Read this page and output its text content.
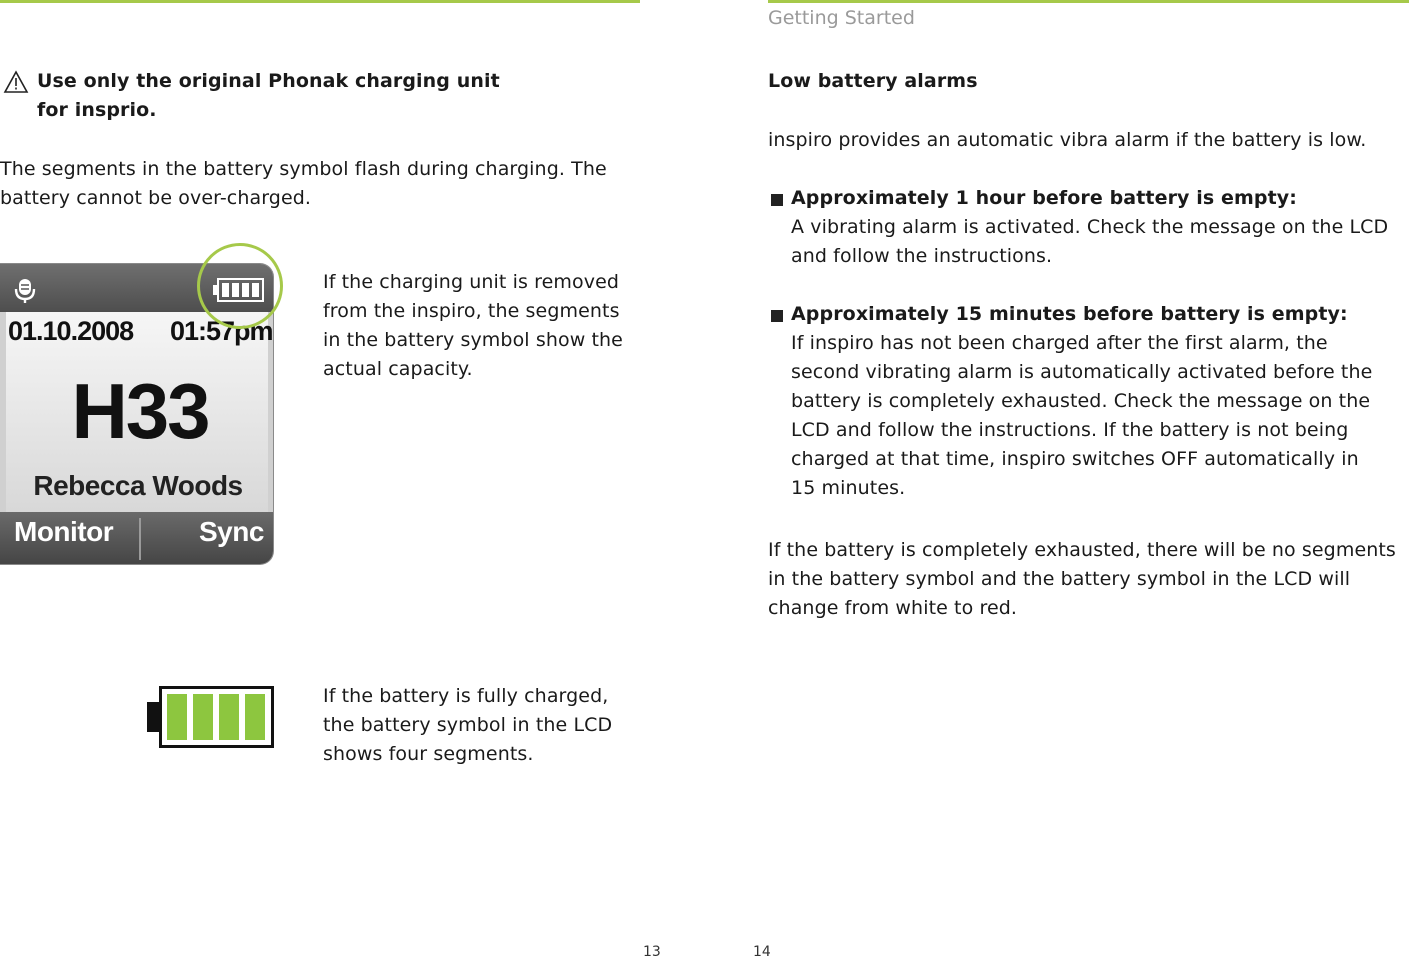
Use only the original Phonak charging unit
for insprio.
The segments in the battery symbol flash during charging. The
battery cannot be over-charged.
01.10.2008 01:57pm
H33
Rebecca Woods
Monitor	Sync

If the charging unit is removed

from the inspiro, the segments

in the battery symbol show the

actual capacity.

If the battery is fully charged,

the battery symbol in the LCD

shows four segments.

13
Getting Started
Low battery alarms
inspiro provides an automatic vibra alarm if the battery is low.
Approximately 1 hour before battery is empty:

A vibrating alarm is activated. Check the message on the LCD

and follow the instructions.

Approximately 15 minutes before battery is empty:

If inspiro has not been charged after the first alarm, the

second vibrating alarm is automatically activated before the

battery is completely exhausted. Check the message on the

LCD and follow the instructions. If the battery is not being

charged at that time, inspiro switches OFF automatically in

15 minutes.

If the battery is completely exhausted, there will be no segments

in the battery symbol and the battery symbol in the LCD will

change from white to red.

14
